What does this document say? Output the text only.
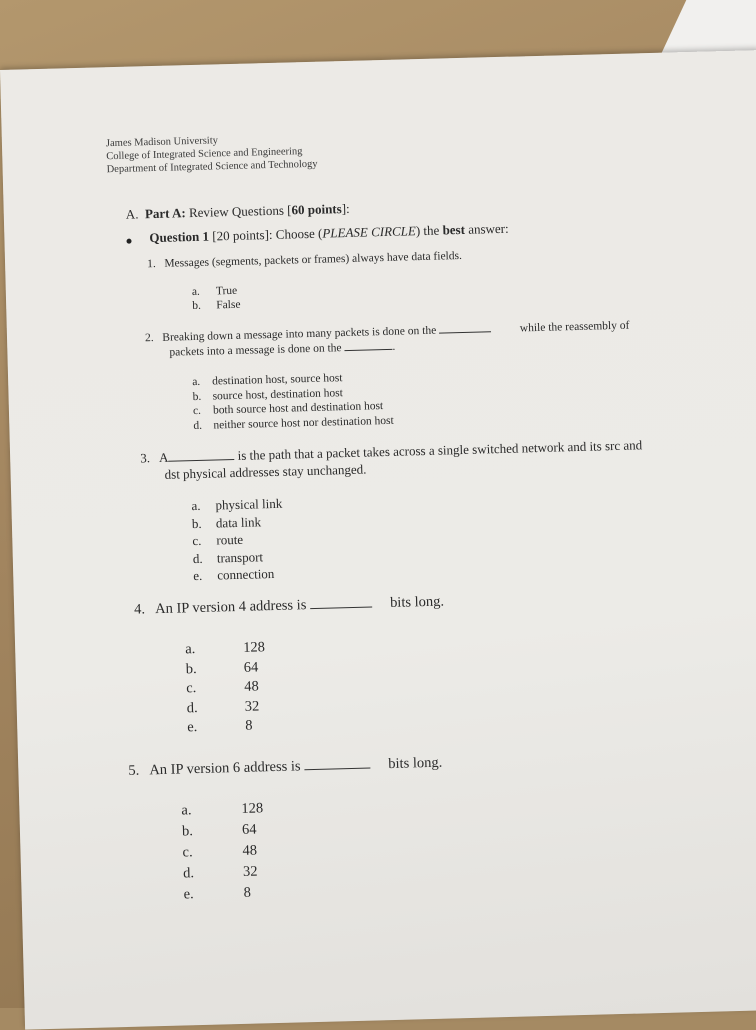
James Madison University
College of Integrated Science and Engineering
Department of Integrated Science and Technology
A. Part A: Review Questions [60 points]:
Question 1 [20 points]: Choose (PLEASE CIRCLE) the best answer:
1. Messages (segments, packets or frames) always have data fields.
a.	True
b.	False
2. Breaking down a message into many packets is done on the	while the reassembly of
packets into a message is done on the	.
a.	destination host, source host
b. source host, destination host
c.	both source host and destination host
d. neither source host nor destination host
3. A	is the path that a packet takes across a single switched network and its src and
dst physical addresses stay unchanged.
a.	physical link
b.	data link
c.	route
d.	transport
e.	connection
4. An IP version 4 address is	bits long.
a.	128
b.	64
c.	48
d.	32
e.	8
5. An IP version 6 address is	bits long.
a.	128
b.	64
c.	48
d.	32
e.	8
